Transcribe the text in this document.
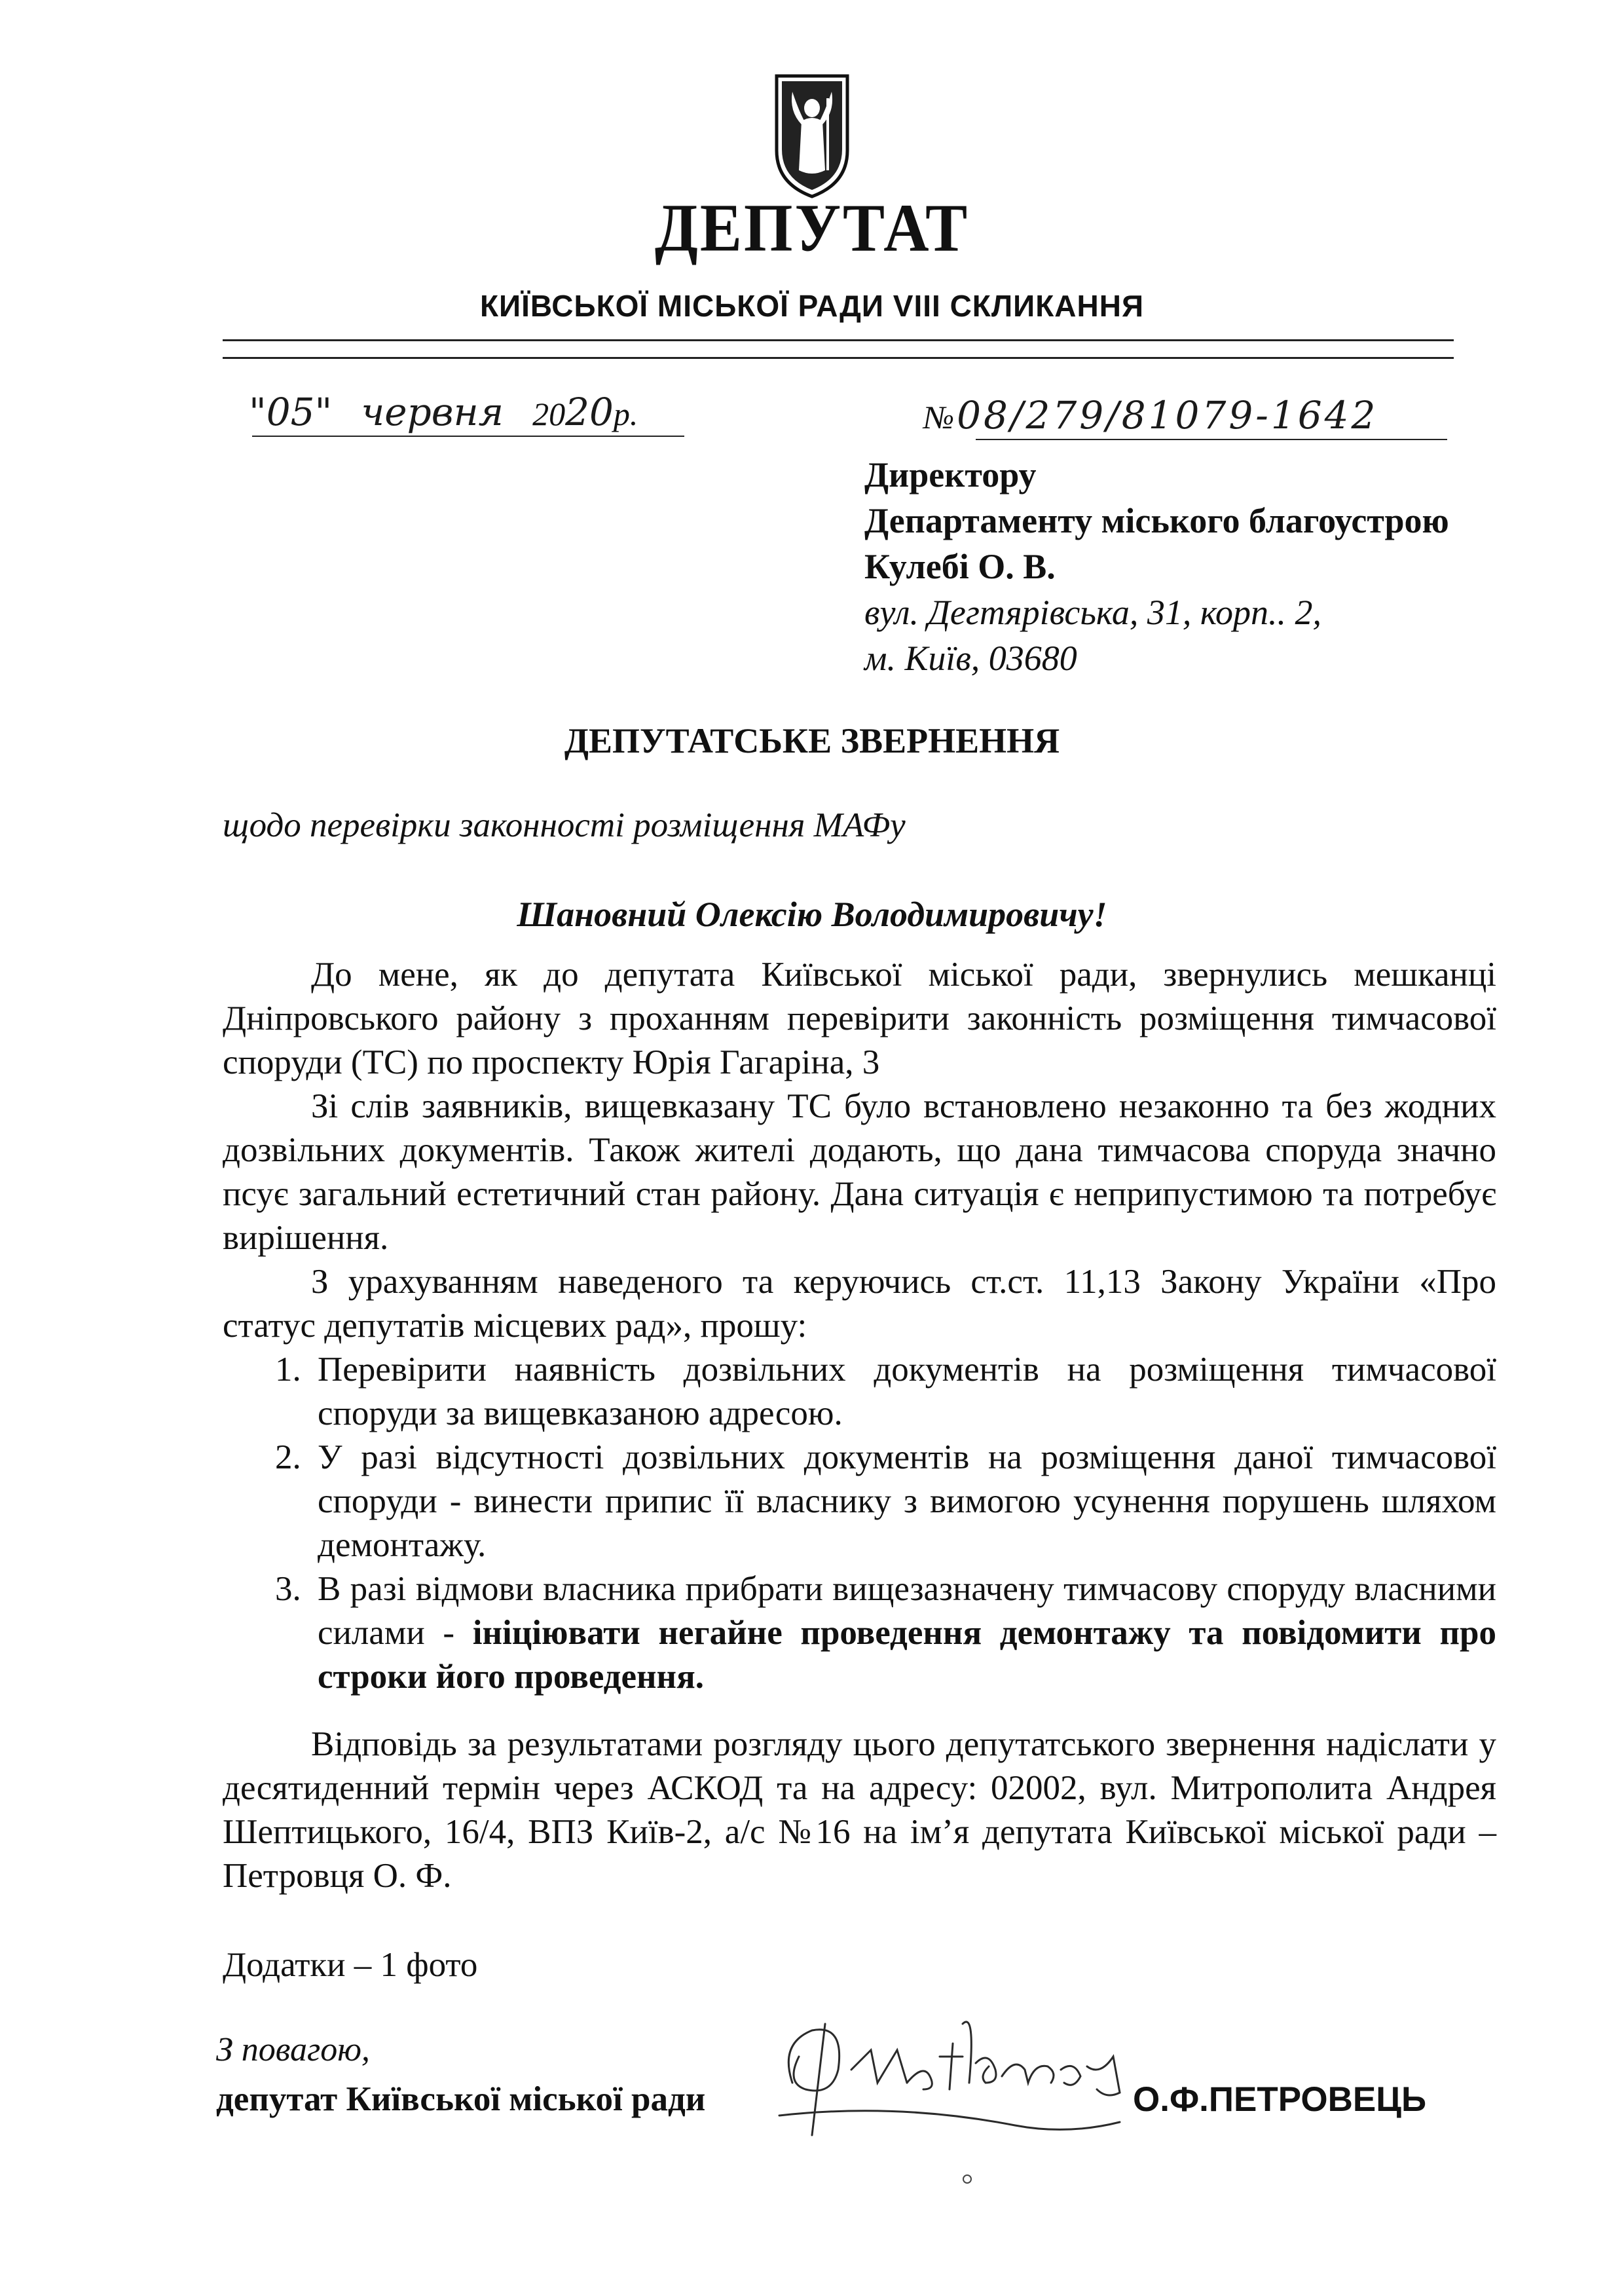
ДЕПУТАТ
КИЇВСЬКОЇ МІСЬКОЇ РАДИ VIII СКЛИКАННЯ
"05" червня 2020р.	№ 08/279/81079-1642
Директору
Департаменту міського благоустрою
Кулебі О. В.
вул. Дегтярівська, 31, корп.. 2,
м. Київ, 03680
ДЕПУТАТСЬКЕ ЗВЕРНЕННЯ
щодо перевірки законності розміщення МАФу
Шановний Олексію Володимировичу!

До мене, як до депутата Київської міської ради, звернулись мешканці Дніпровського району з проханням перевірити законність розміщення тимчасової споруди (ТС) по проспекту Юрія Гагаріна, 3

Зі слів заявників, вищевказану ТС було встановлено незаконно та без жодних дозвільних документів. Також жителі додають, що дана тимчасова споруда значно псує загальний естетичний стан району. Дана ситуація є неприпустимою та потребує вирішення.

З урахуванням наведеного та керуючись ст.ст. 11,13 Закону України «Про статус депутатів місцевих рад», прошу:

1. Перевірити наявність дозвільних документів на розміщення тимчасової споруди за вищевказаною адресою.
2. У разі відсутності дозвільних документів на розміщення даної тимчасової споруди - винести припис її власнику з вимогою усунення порушень шляхом демонтажу.
3. В разі відмови власника прибрати вищезазначену тимчасову споруду власними силами - ініціювати негайне проведення демонтажу та повідомити про строки його проведення.

Відповідь за результатами розгляду цього депутатського звернення надіслати у десятиденний термін через АСКОД та на адресу: 02002, вул. Митрополита Андрея Шептицького, 16/4, ВПЗ Київ-2, а/с №16 на ім’я депутата Київської міської ради – Петровця О. Ф.

Додатки – 1 фото
З повагою,
депутат Київської міської ради	О.Ф.ПЕТРОВЕЦЬ
